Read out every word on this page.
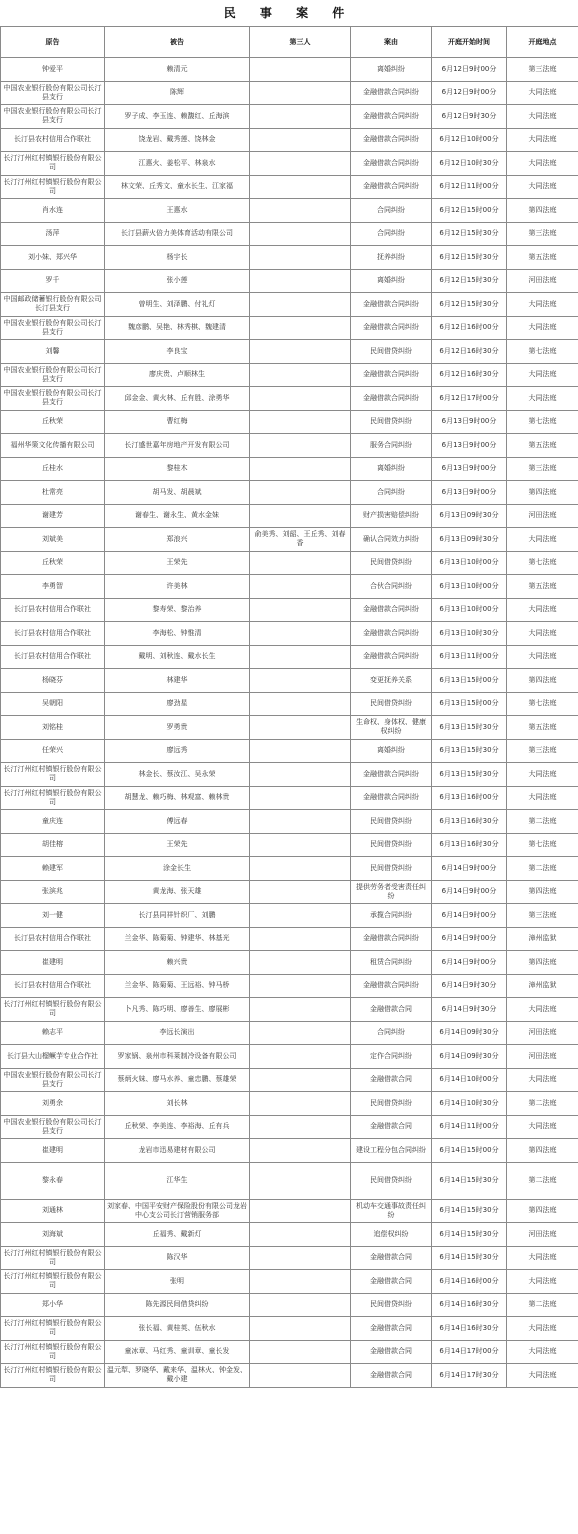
民 事 案 件
原告	被告	第三人	案由	开庭开始时间	开庭地点
钟爱平	赖清元		离婚纠纷	6月12日9时00分	第三法庭
中国农业银行股份有限公司长汀县支行	陈辉		金融借款合同纠纷	6月12日9时00分	大同法庭
中国农业银行股份有限公司长汀县支行	罗子成、李玉连、赖馥红、丘海滨		金融借款合同纠纷	6月12日9时30分	大同法庭
长汀县农村信用合作联社	饶龙岩、戴秀莲、饶林金		金融借款合同纠纷	6月12日10时00分	大同法庭
长汀汀州红村镇银行股份有限公司	江惠火、姜松平、林泉水		金融借款合同纠纷	6月12日10时30分	大同法庭
长汀汀州红村镇银行股份有限公司	林文荣、丘秀文、童水长生、江家福		金融借款合同纠纷	6月12日11时00分	大同法庭
肖水连	王惠水		合同纠纷	6月12日15时00分	第四法庭
汤萍	长汀县薪火倍力美体育活动有限公司		合同纠纷	6月12日15时30分	第三法庭
刘小妹、郑兴华	杨宇长		抚养纠纷	6月12日15时30分	第五法庭
罗千	张小莲		离婚纠纷	6月12日15时30分	河田法庭
中国邮政储蓄银行股份有限公司长汀县支行	曾明生、刘泽鹏、付礼灯		金融借款合同纠纷	6月12日15时30分	大同法庭
中国农业银行股份有限公司长汀县支行	魏彦鹏、吴艳、林秀棋、魏建清		金融借款合同纠纷	6月12日16时00分	大同法庭
刘馨	李良宝		民间借贷纠纷	6月12日16时30分	第七法庭
中国农业银行股份有限公司长汀县支行	廖庆贵、卢顺林生		金融借款合同纠纷	6月12日16时30分	大同法庭
中国农业银行股份有限公司长汀县支行	邱金金、黄火林、丘有胜、涂勇华		金融借款合同纠纷	6月12日17时00分	大同法庭
丘秋荣	曹红梅		民间借贷纠纷	6月13日9时00分	第七法庭
福州华策文化传播有限公司	长汀盛世嘉年房地产开发有限公司		服务合同纠纷	6月13日9时00分	第五法庭
丘桂水	黎桂木		离婚纠纷	6月13日9时00分	第三法庭
杜常亮	胡马发、胡晨斌		合同纠纷	6月13日9时00分	第四法庭
谢建芳	谢春生、谢永生、黄水金妹		财产损害赔偿纠纷	6月13日09时30分	河田法庭
刘斌美	郑浪兴	俞美秀、刘韶、王丘秀、刘春香	确认合同效力纠纷	6月13日09时30分	大同法庭
丘秋荣	王荣先		民间借贷纠纷	6月13日10时00分	第七法庭
李勇智	许美林		合伙合同纠纷	6月13日10时00分	第五法庭
长汀县农村信用合作联社	黎寿荣、黎治养		金融借款合同纠纷	6月13日10时00分	大同法庭
长汀县农村信用合作联社	李海松、钟惟清		金融借款合同纠纷	6月13日10时30分	大同法庭
长汀县农村信用合作联社	戴明、刘秋连、戴水长生		金融借款合同纠纷	6月13日11时00分	大同法庭
杨晓芬	林建华		变更抚养关系	6月13日15时00分	第四法庭
吴朝阳	廖劲星		民间借贷纠纷	6月13日15时00分	第七法庭
刘铭桂	罗勇贵		生命权、身体权、健康权纠纷	6月13日15时30分	第五法庭
任荣兴	廖远秀		离婚纠纷	6月13日15时30分	第三法庭
长汀汀州红村镇银行股份有限公司	林金长、蔡汝江、吴永荣		金融借款合同纠纷	6月13日15时30分	大同法庭
长汀汀州红村镇银行股份有限公司	胡慧龙、赖巧梅、林观富、赖林贵		金融借款合同纠纷	6月13日16时00分	大同法庭
童庆连	傅远春		民间借贷纠纷	6月13日16时30分	第二法庭
胡佳榕	王荣先		民间借贷纠纷	6月13日16时30分	第七法庭
赖建军	涂金长生		民间借贷纠纷	6月14日9时00分	第二法庭
张滨兆	黄龙海、张天雄		提供劳务者受害责任纠纷	6月14日9时00分	第四法庭
刘一健	长汀县同祥针织厂、刘鹏		承揽合同纠纷	6月14日9时00分	第三法庭
长汀县农村信用合作联社	兰金华、陈菊菊、钟建华、林基光		金融借款合同纠纷	6月14日9时00分	漳州监狱
崔建明	赖兴贵		租赁合同纠纷	6月14日9时00分	第四法庭
长汀县农村信用合作联社	兰金华、陈菊菊、王远裕、钟马桥		金融借款合同纠纷	6月14日9时30分	漳州监狱
长汀汀州红村镇银行股份有限公司	卜凡秀、陈巧明、廖善生、廖展彬		金融借款合同	6月14日9时30分	大同法庭
赖志平	李远长演出		合同纠纷	6月14日09时30分	河田法庭
长汀县大山榴鳜芋专业合作社	罗家锅、泉州市科莱制冷设备有限公司		定作合同纠纷	6月14日09时30分	河田法庭
中国农业银行股份有限公司长汀县支行	蔡炳火妹、廖马水养、童忠鹏、蔡雄荣		金融借款合同	6月14日10时00分	大同法庭
刘勇余	刘长林		民间借贷纠纷	6月14日10时30分	第二法庭
中国农业银行股份有限公司长汀县支行	丘秋荣、李美连、李裕海、丘有兵		金融借款合同	6月14日11时00分	大同法庭
崔建明	龙岩市迅易建材有限公司		建设工程分包合同纠纷	6月14日15时00分	第四法庭
黎永春	江华生		民间借贷纠纷	6月14日15时30分	第二法庭
刘通林	刘家春、中国平安财产保险股份有限公司龙岩中心支公司长汀营销服务部		机动车交通事故责任纠纷	6月14日15时30分	第四法庭
刘海斌	丘福秀、戴新灯		追偿权纠纷	6月14日15时30分	河田法庭
长汀汀州红村镇银行股份有限公司	陈汉华		金融借款合同	6月14日15时30分	大同法庭
长汀汀州红村镇银行股份有限公司	张明		金融借款合同	6月14日16时00分	大同法庭
郑小华	陈先源民间借贷纠纷		民间借贷纠纷	6月14日16时30分	第二法庭
长汀汀州红村镇银行股份有限公司	张长福、黄桂英、伍秋水		金融借款合同	6月14日16时30分	大同法庭
长汀汀州红村镇银行股份有限公司	童冰章、马红秀、童训章、童长发		金融借款合同	6月14日17时00分	大同法庭
长汀汀州红村镇银行股份有限公司	温元犁、罗晓华、戴来华、温林火、钟金发、戴小建		金融借款合同	6月14日17时30分	大同法庭
